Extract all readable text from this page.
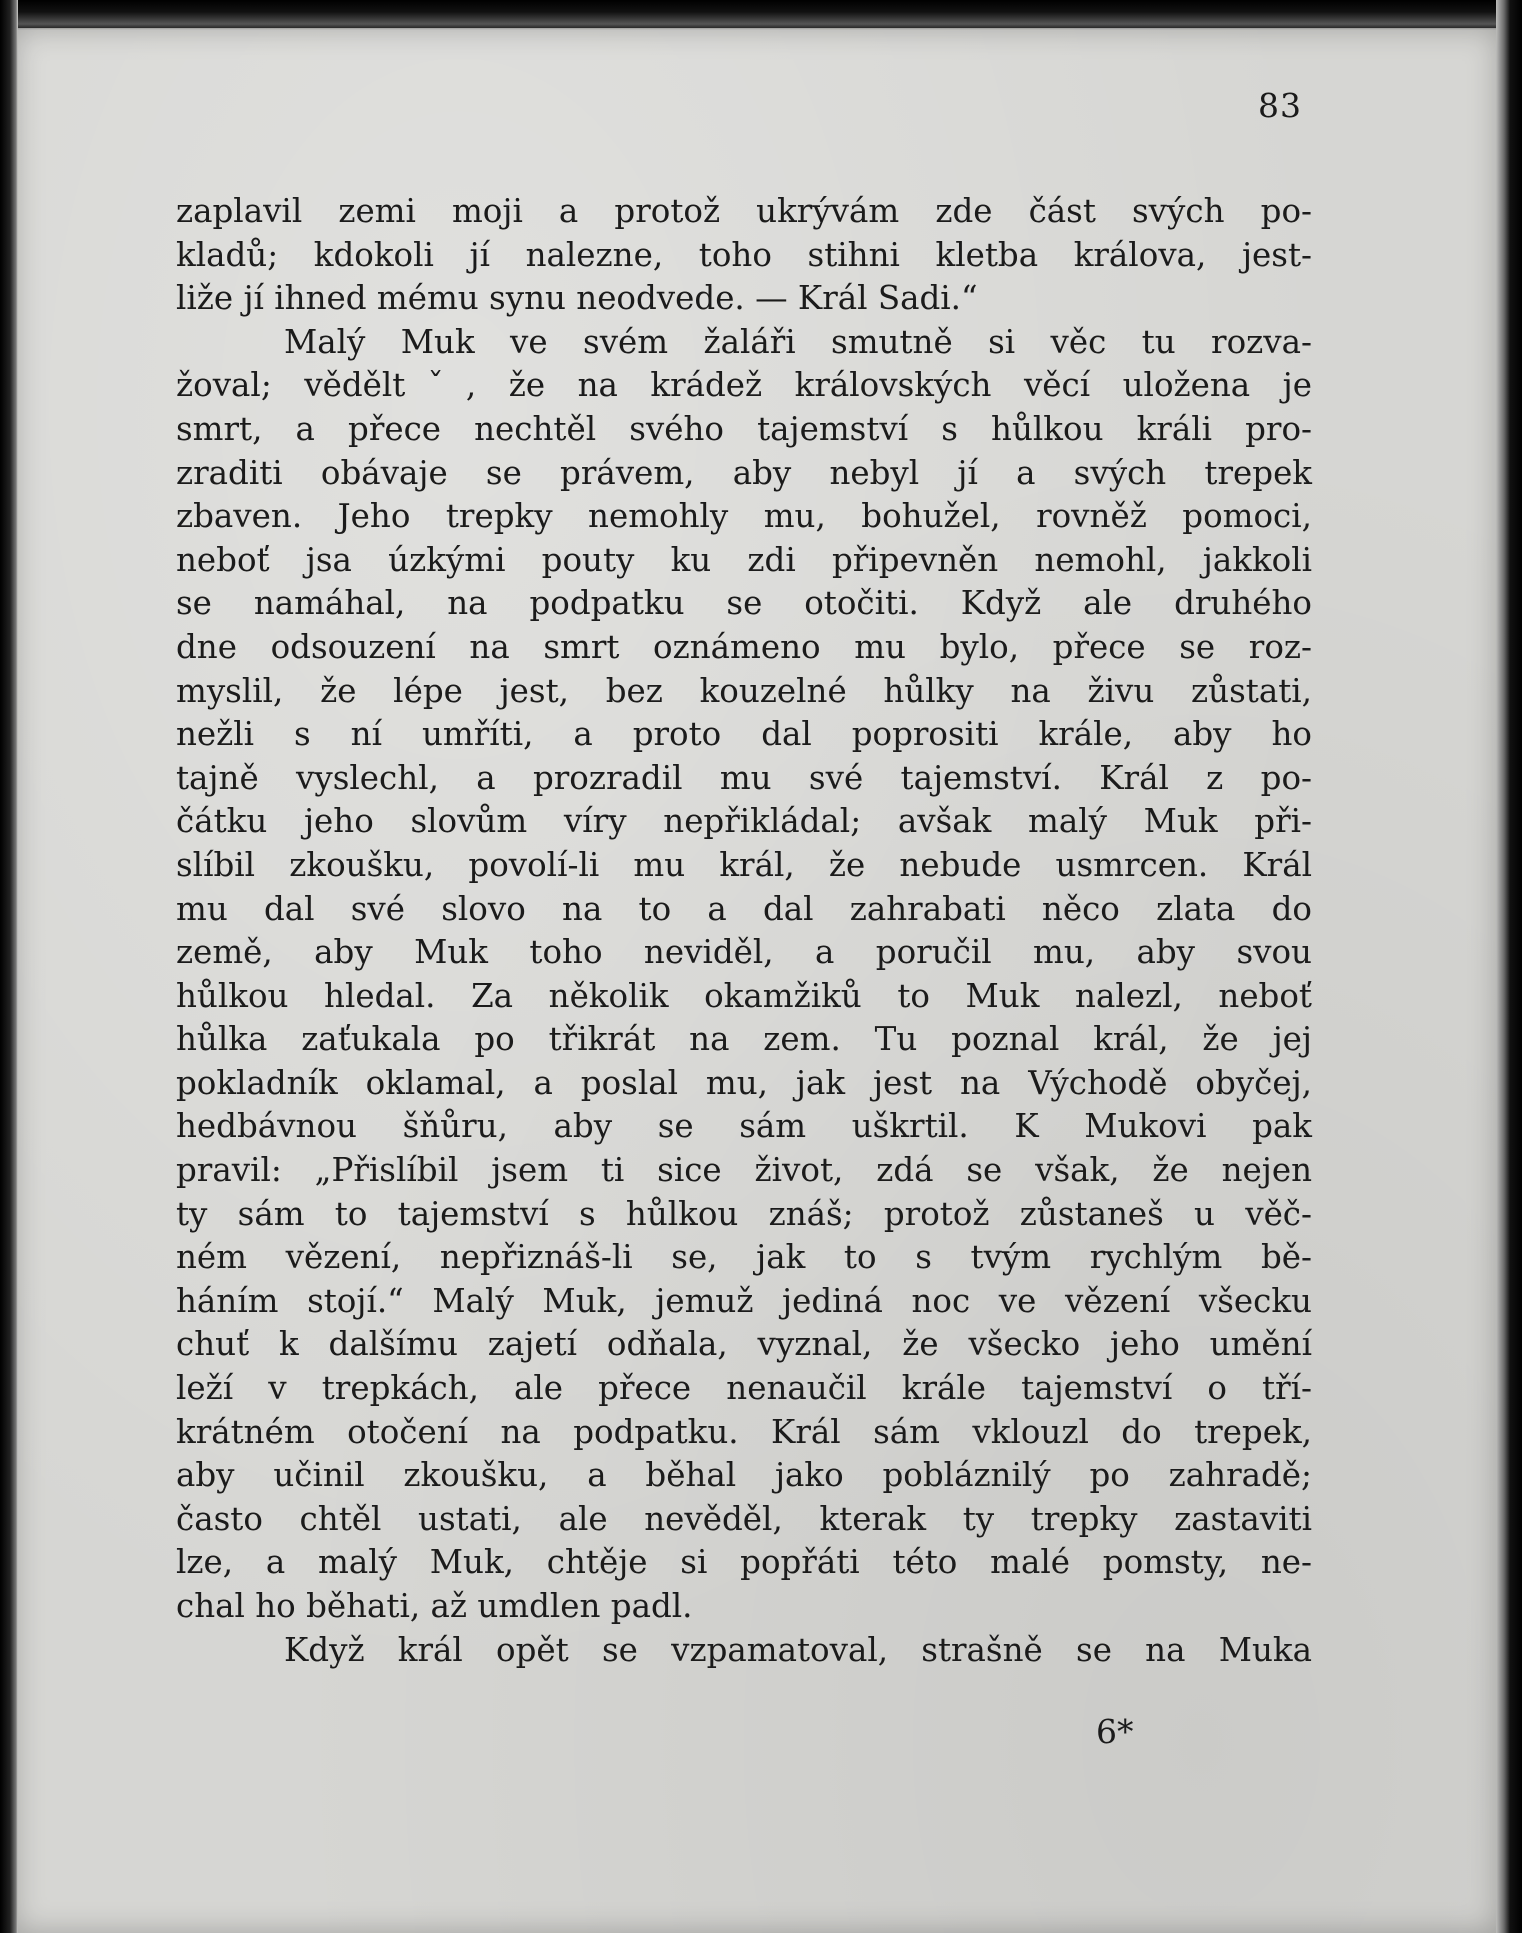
83
zaplavil zemi moji a protož ukrývám zde část svých po-
kladů; kdokoli jí nalezne, toho stihni kletba králova, jest-
liže jí ihned mému synu neodvede. — Král Sadi.“
Malý Muk ve svém žaláři smutně si věc tu rozva-
žoval; věděltˇ, že na krádež královských věcí uložena je
smrt, a přece nechtěl svého tajemství s hůlkou králi pro-
zraditi obávaje se právem, aby nebyl jí a svých trepek
zbaven. Jeho trepky nemohly mu, bohužel, rovněž pomoci,
neboť jsa úzkými pouty ku zdi připevněn nemohl, jakkoli
se namáhal, na podpatku se otočiti. Když ale druhého
dne odsouzení na smrt oznámeno mu bylo, přece se roz-
myslil, že lépe jest, bez kouzelné hůlky na živu zůstati,
nežli s ní umříti, a proto dal poprositi krále, aby ho
tajně vyslechl, a prozradil mu své tajemství. Král z po-
čátku jeho slovům víry nepřikládal; avšak malý Muk při-
slíbil zkoušku, povolí-li mu král, že nebude usmrcen. Král
mu dal své slovo na to a dal zahrabati něco zlata do
země, aby Muk toho neviděl, a poručil mu, aby svou
hůlkou hledal. Za několik okamžiků to Muk nalezl, neboť
hůlka zaťukala po třikrát na zem. Tu poznal král, že jej
pokladník oklamal, a poslal mu, jak jest na Východě obyčej,
hedbávnou šňůru, aby se sám uškrtil. K Mukovi pak
pravil: „Přislíbil jsem ti sice život, zdá se však, že nejen
ty sám to tajemství s hůlkou znáš; protož zůstaneš u věč-
ném vězení, nepřiznáš-li se, jak to s tvým rychlým bě-
háním stojí.“ Malý Muk, jemuž jediná noc ve vězení všecku
chuť k dalšímu zajetí odňala, vyznal, že všecko jeho umění
leží v trepkách, ale přece nenaučil krále tajemství o tří-
krátném otočení na podpatku. Král sám vklouzl do trepek,
aby učinil zkoušku, a běhal jako pobláznilý po zahradě;
často chtěl ustati, ale nevěděl, kterak ty trepky zastaviti
lze, a malý Muk, chtěje si popřáti této malé pomsty, ne-
chal ho běhati, až umdlen padl.
Když král opět se vzpamatoval, strašně se na Muka
6*
